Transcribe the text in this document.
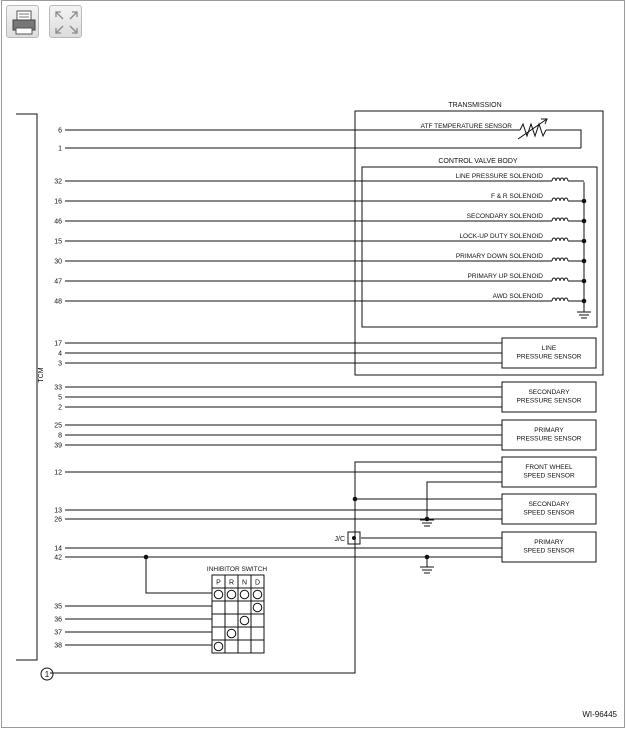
TCM
TRANSMISSION
ATF TEMPERATURE SENSOR
CONTROL VALVE BODY
LINE PRESSURE SOLENOID
F & R SOLENOID
SECONDARY SOLENOID
LOCK-UP DUTY SOLENOID
PRIMARY DOWN SOLENOID
PRIMARY UP SOLENOID
AWD SOLENOID
LINE
PRESSURE SENSOR
SECONDARY
PRESSURE SENSOR
PRIMARY
PRESSURE SENSOR
FRONT WHEEL
SPEED SENSOR
SECONDARY
SPEED SENSOR
PRIMARY
SPEED SENSOR
J/C
INHIBITOR SWITCH
P R N D
1
6
1
32
16
46
15
30
47
48
17
4
3
33
5
2
25
8
39
12
13
26
14
42
35
36
37
38
WI-96445
